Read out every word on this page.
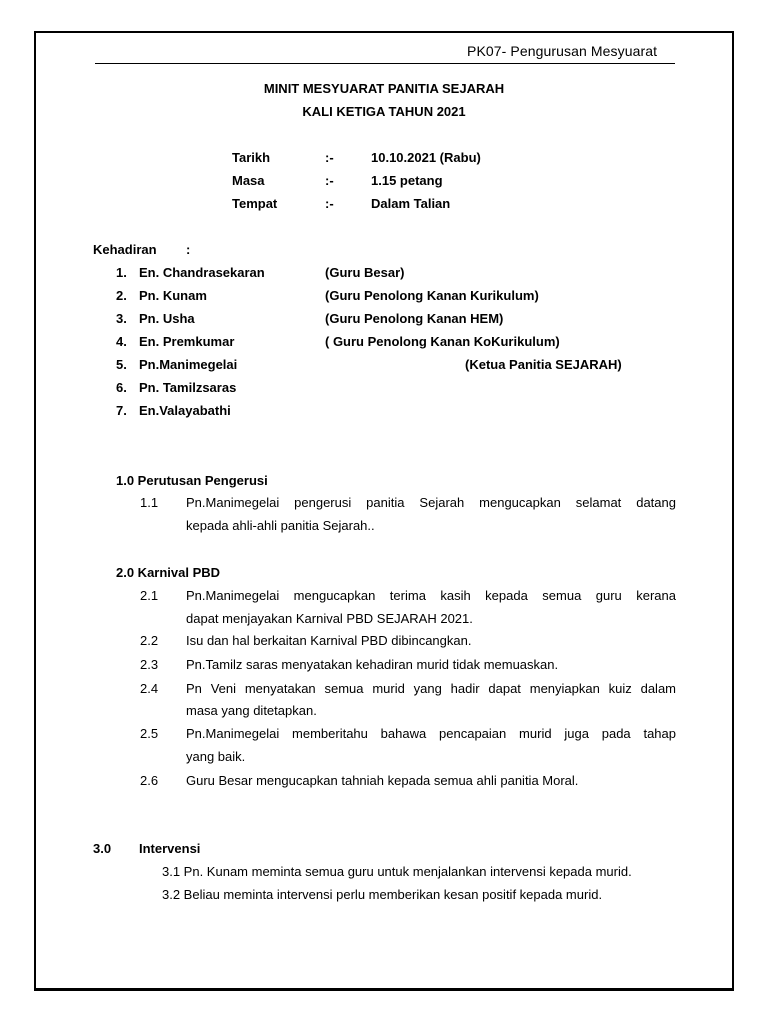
PK07- Pengurusan Mesyuarat
MINIT MESYUARAT PANITIA SEJARAH
KALI KETIGA TAHUN 2021
Tarikh	:-	10.10.2021 (Rabu)
Masa	:-	1.15 petang
Tempat	:-	Dalam Talian
Kehadiran :
1. En. Chandrasekaran	(Guru Besar)
2. Pn. Kunam	(Guru Penolong Kanan Kurikulum)
3. Pn. Usha	(Guru Penolong Kanan HEM)
4. En. Premkumar	( Guru Penolong Kanan KoKurikulum)
5. Pn.Manimegelai	(Ketua Panitia SEJARAH)
6. Pn. Tamilzsaras
7. En.Valayabathi
1.0 Perutusan Pengerusi
1.1 Pn.Manimegelai pengerusi panitia Sejarah mengucapkan selamat datang
kepada ahli-ahli panitia Sejarah..
2.0 Karnival PBD
2.1 Pn.Manimegelai mengucapkan terima kasih kepada semua guru kerana
dapat menjayakan Karnival PBD SEJARAH 2021.
2.2 Isu dan hal berkaitan Karnival PBD dibincangkan.
2.3 Pn.Tamilz saras menyatakan kehadiran murid tidak memuaskan.
2.4 Pn Veni menyatakan semua murid yang hadir dapat menyiapkan kuiz dalam
masa yang ditetapkan.
2.5 Pn.Manimegelai memberitahu bahawa pencapaian murid juga pada tahap
yang baik.
2.6 Guru Besar mengucapkan tahniah kepada semua ahli panitia Moral.
3.0 Intervensi
3.1 Pn. Kunam meminta semua guru untuk menjalankan intervensi kepada murid.
3.2 Beliau meminta intervensi perlu memberikan kesan positif kepada murid.
